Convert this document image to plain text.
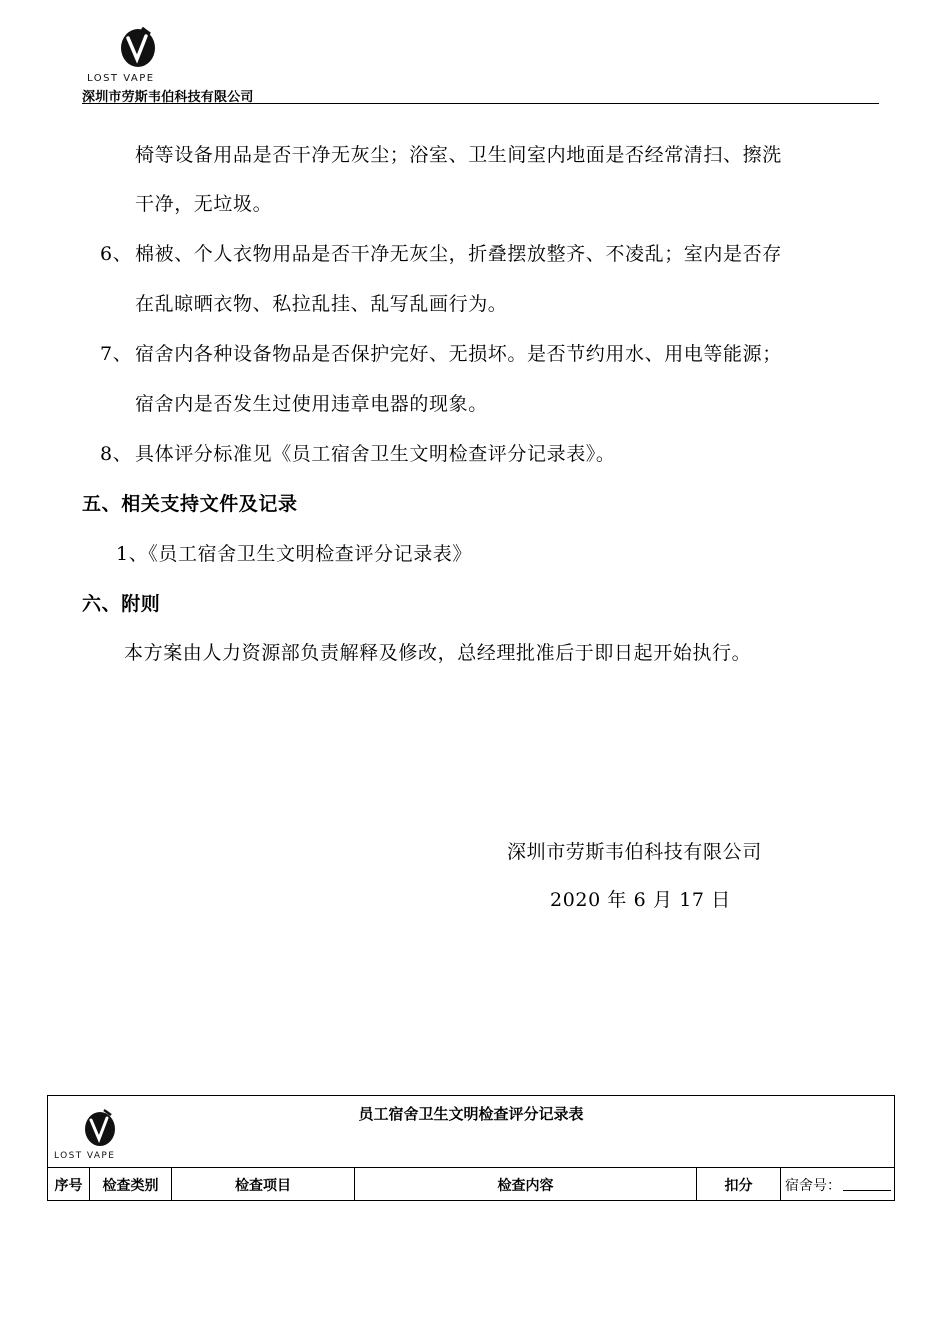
LOST VAPE
深圳市劳斯韦伯科技有限公司
椅等设备用品是否干净无灰尘；浴室、卫生间室内地面是否经常清扫、擦洗
干净，无垃圾。
6、 棉被、个人衣物用品是否干净无灰尘，折叠摆放整齐、不凌乱；室内是否存
在乱晾晒衣物、私拉乱挂、乱写乱画行为。
7、 宿舍内各种设备物品是否保护完好、无损坏。是否节约用水、用电等能源；
宿舍内是否发生过使用违章电器的现象。
8、 具体评分标准见《员工宿舍卫生文明检查评分记录表》。
五、相关支持文件及记录
1、《员工宿舍卫生文明检查评分记录表》
六、附则
本方案由人力资源部负责解释及修改，总经理批准后于即日起开始执行。
深圳市劳斯韦伯科技有限公司
2020 年 6 月 17 日
LOST VAPE
员工宿舍卫生文明检查评分记录表
序号	检查类别	检查项目	检查内容	扣分	宿舍号：
